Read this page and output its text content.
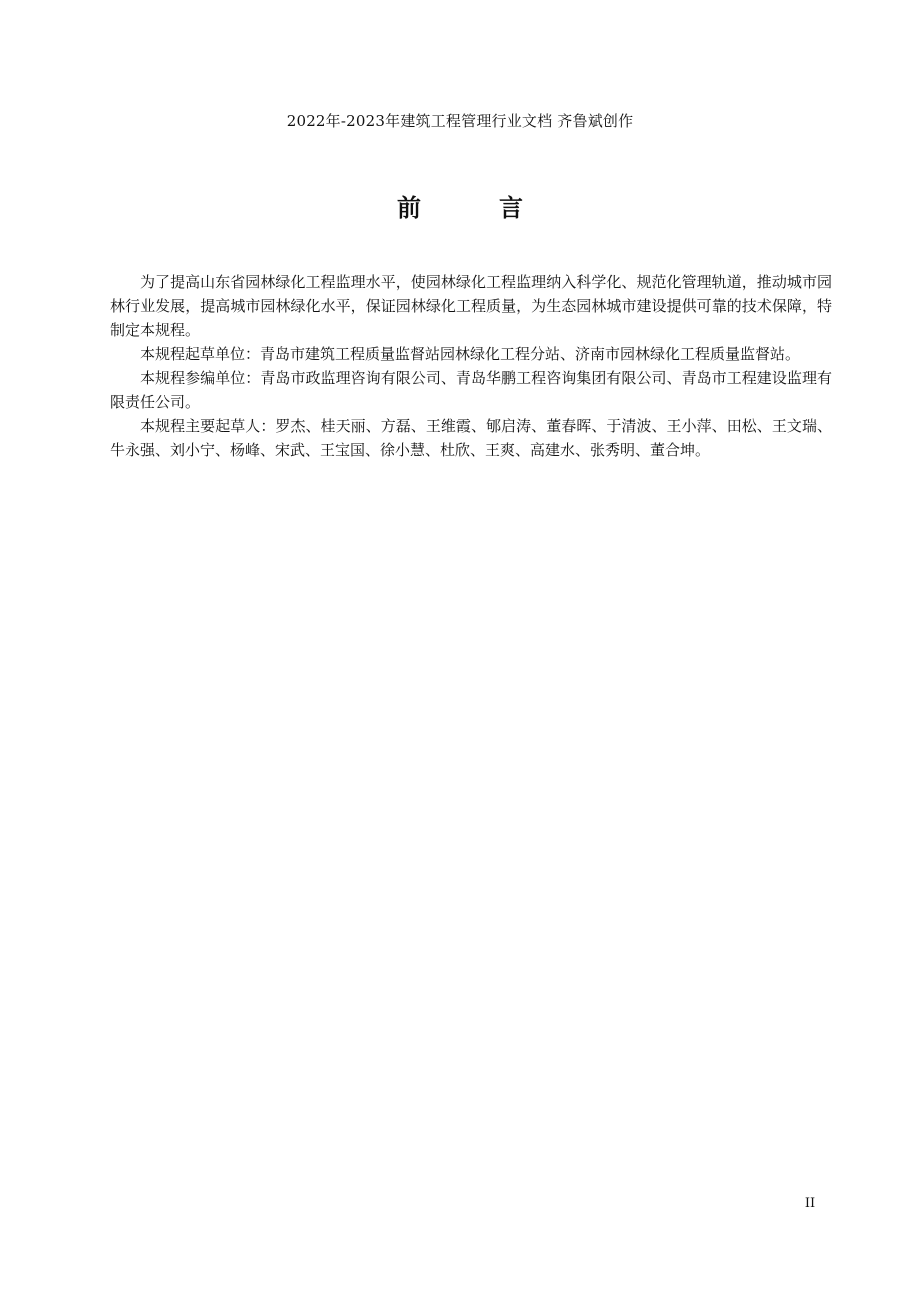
2022年-2023年建筑工程管理行业文档 齐鲁斌创作
前	言

为了提高山东省园林绿化工程监理水平，使园林绿化工程监理纳入科学化、规范化管理轨道，推动城市园林行业发展，提高城市园林绿化水平，保证园林绿化工程质量，为生态园林城市建设提供可靠的技术保障，特制定本规程。

本规程起草单位：青岛市建筑工程质量监督站园林绿化工程分站、济南市园林绿化工程质量监督站。

本规程参编单位：青岛市政监理咨询有限公司、青岛华鹏工程咨询集团有限公司、青岛市工程建设监理有限责任公司。

本规程主要起草人：罗杰、桂天丽、方磊、王维霞、郇启涛、董春晖、于清波、王小萍、田松、王文瑞、牛永强、刘小宁、杨峰、宋武、王宝国、徐小慧、杜欣、王爽、高建水、张秀明、董合坤。

II
